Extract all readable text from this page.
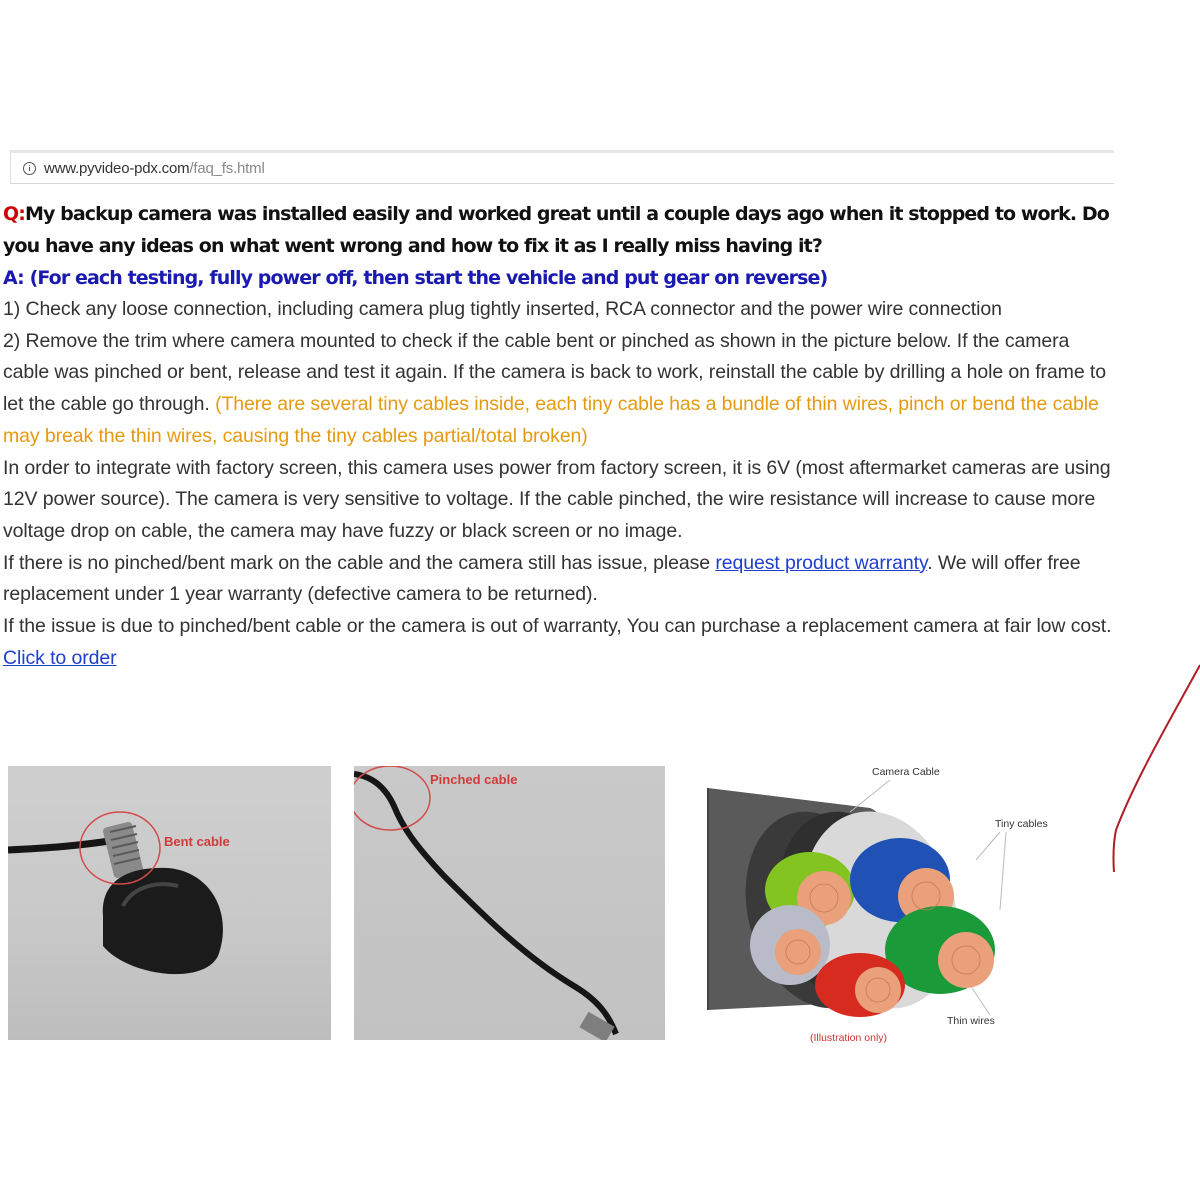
www.pyvideo-pdx.com/faq_fs.html
Q:My backup camera was installed easily and worked great until a couple days ago when it stopped to work. Do you have any ideas on what went wrong and how to fix it as I really miss having it?
A: (For each testing, fully power off, then start the vehicle and put gear on reverse)
1) Check any loose connection, including camera plug tightly inserted, RCA connector and the power wire connection
2) Remove the trim where camera mounted to check if the cable bent or pinched as shown in the picture below. If the camera cable was pinched or bent, release and test it again. If the camera is back to work, reinstall the cable by drilling a hole on frame to let the cable go through. (There are several tiny cables inside, each tiny cable has a bundle of thin wires, pinch or bend the cable may break the thin wires, causing the tiny cables partial/total broken)
In order to integrate with factory screen, this camera uses power from factory screen, it is 6V (most aftermarket cameras are using 12V power source). The camera is very sensitive to voltage. If the cable pinched, the wire resistance will increase to cause more voltage drop on cable, the camera may have fuzzy or black screen or no image.
If there is no pinched/bent mark on the cable and the camera still has issue, please request product warranty. We will offer free replacement under 1 year warranty (defective camera to be returned).
If the issue is due to pinched/bent cable or the camera is out of warranty, You can purchase a replacement camera at fair low cost. Click to order
Bent cable
Pinched cable	Camera Cable
Tiny cables
Thin wires
(Illustration only)
